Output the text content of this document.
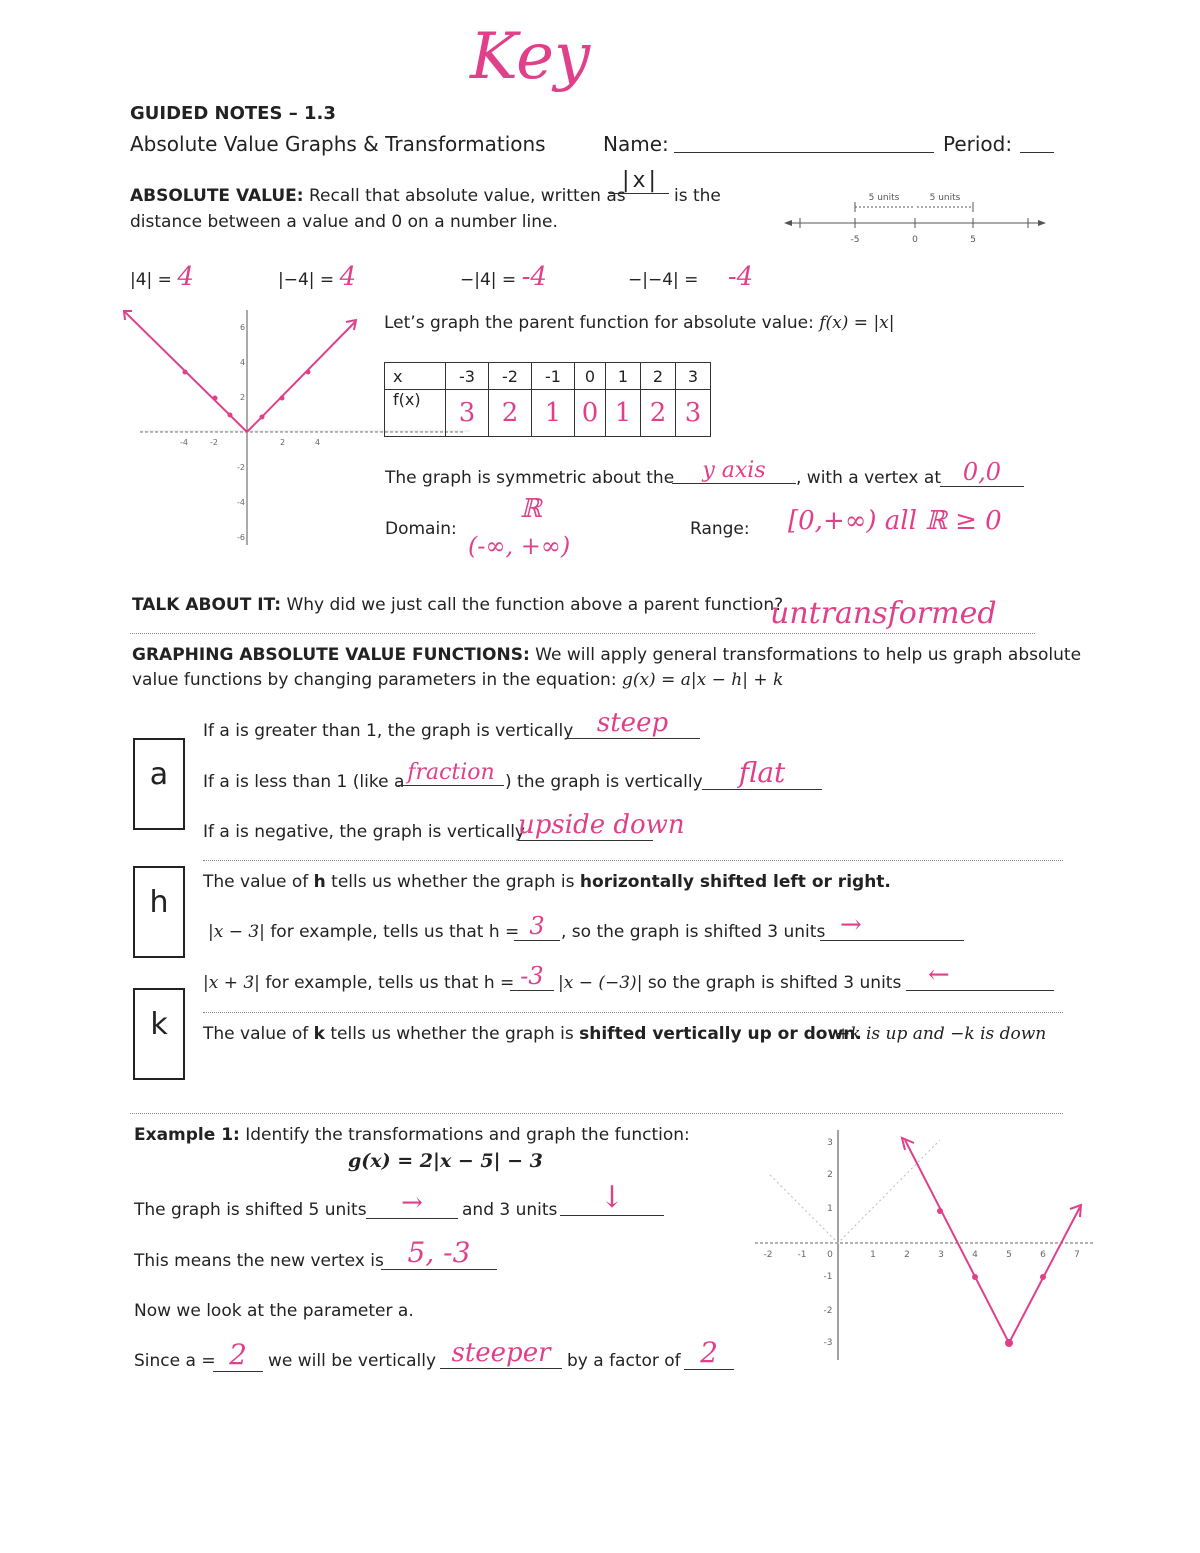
Key
GUIDED NOTES – 1.3
Absolute Value Graphs & Transformations	Name:	Period:
ABSOLUTE VALUE: Recall that absolute value, written as
|x|
is the
distance between a value and 0 on a number line.
5 units	5 units
-5	0	5
|4| = 4	|−4| = 4	−|4| = -4	−|−4| = -4
-4	-2	2	4
6
4
2
-2
-4
-6
Let’s graph the parent function for absolute value: f(x) = |x|
x	-3	-2	-1	0	1	2	3
f(x)	3	2	1	0	1	2	3
The graph is symmetric about the	y axis	, with a vertex at 0,0
Domain:
ℝ
(-∞, +∞)
Range: [0,+∞) all ℝ ≥ 0
TALK ABOUT IT: Why did we just call the function above a parent function?
untransformed
GRAPHING ABSOLUTE VALUE FUNCTIONS: We will apply general transformations to help us graph absolute
value functions by changing parameters in the equation: g(x) = a|x − h| + k
a
If a is greater than 1, the graph is vertically steep
If a is less than 1 (like a fraction ) the graph is vertically	flat
If a is negative, the graph is vertically
upside down
h
The value of h tells us whether the graph is horizontally shifted left or right.
|x − 3| for example, tells us that h = 3 , so the graph is shifted 3 units →
|x + 3| for example, tells us that h = -3 |x − (−3)| so the graph is shifted 3 units	←
k	The value of k tells us whether the graph is shifted vertically up or down.
+k is up and −k is down
Example 1: Identify the transformations and graph the function:
g(x) = 2|x − 5| − 3
The graph is shifted 5 units	→	and 3 units	↓
This means the new vertex is 5, -3
Now we look at the parameter a.
Since a = 2	we will be vertically steeper by a factor of 2
-2	-1 0	1	2	3	4	5	6	7
3
2
1
-1
-2
-3
